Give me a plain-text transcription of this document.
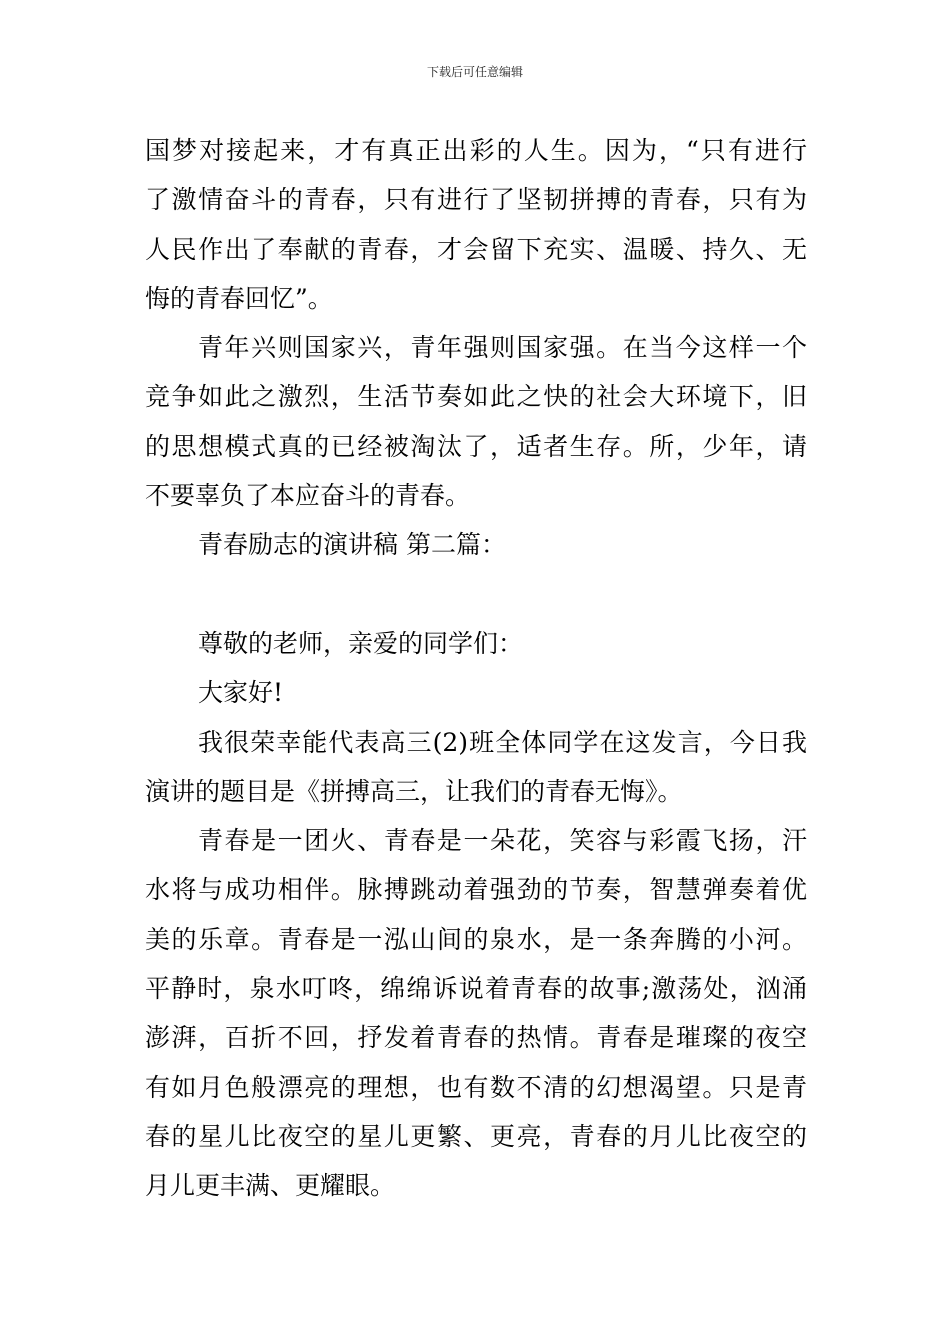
下载后可任意编辑
国梦对接起来，才有真正出彩的人生。因为，“只有进行
了激情奋斗的青春，只有进行了坚韧拼搏的青春，只有为
人民作出了奉献的青春，才会留下充实、温暖、持久、无
悔的青春回忆”。
青年兴则国家兴，青年强则国家强。在当今这样一个
竞争如此之激烈，生活节奏如此之快的社会大环境下，旧
的思想模式真的已经被淘汰了，适者生存。所，少年，请
不要辜负了本应奋斗的青春。
青春励志的演讲稿 第二篇：
尊敬的老师，亲爱的同学们：
大家好!
我很荣幸能代表高三(2)班全体同学在这发言，今日我
演讲的题目是《拼搏高三，让我们的青春无悔》。
青春是一团火、青春是一朵花，笑容与彩霞飞扬，汗
水将与成功相伴。脉搏跳动着强劲的节奏，智慧弹奏着优
美的乐章。青春是一泓山间的泉水，是一条奔腾的小河。
平静时，泉水叮咚，绵绵诉说着青春的故事;激荡处，汹涌
澎湃，百折不回，抒发着青春的热情。青春是璀璨的夜空
有如月色般漂亮的理想，也有数不清的幻想渴望。只是青
春的星儿比夜空的星儿更繁、更亮，青春的月儿比夜空的
月儿更丰满、更耀眼。
